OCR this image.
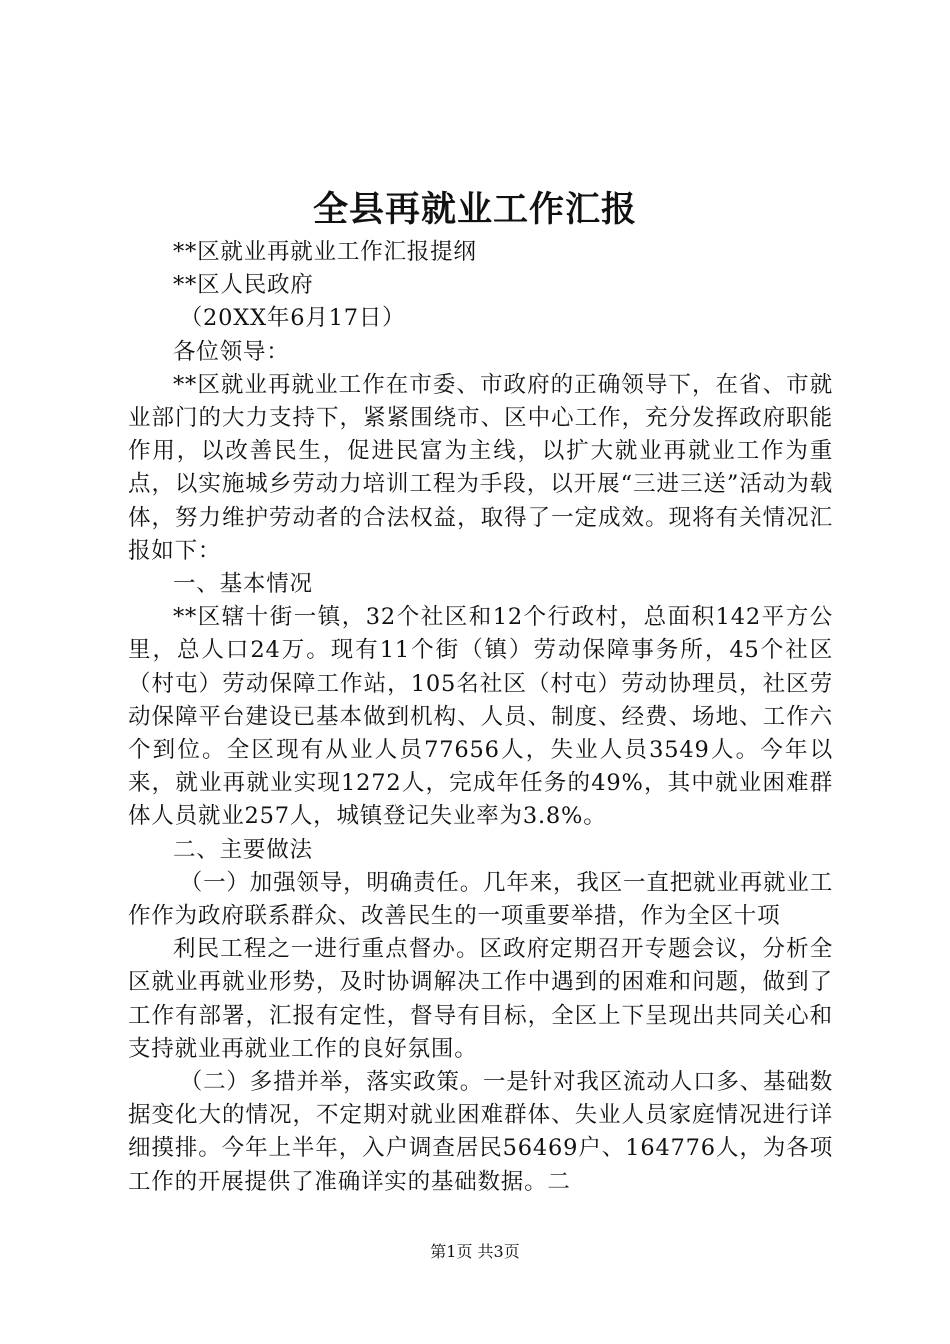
全县再就业工作汇报

**区就业再就业工作汇报提纲

**区人民政府

（20XX年6月17日）

各位领导：

**区就业再就业工作在市委、市政府的正确领导下，在省、市就业部门的大力支持下，紧紧围绕市、区中心工作，充分发挥政府职能作用，以改善民生，促进民富为主线，以扩大就业再就业工作为重点，以实施城乡劳动力培训工程为手段，以开展“三进三送”活动为载体，努力维护劳动者的合法权益，取得了一定成效。现将有关情况汇报如下：

一、基本情况

**区辖十街一镇，32个社区和12个行政村，总面积142平方公里，总人口24万。现有11个街（镇）劳动保障事务所，45个社区（村屯）劳动保障工作站，105名社区（村屯）劳动协理员，社区劳动保障平台建设已基本做到机构、人员、制度、经费、场地、工作六个到位。全区现有从业人员77656人，失业人员3549人。今年以来，就业再就业实现1272人，完成年任务的49%，其中就业困难群体人员就业257人，城镇登记失业率为3.8%。

二、主要做法

（一）加强领导，明确责任。几年来，我区一直把就业再就业工作作为政府联系群众、改善民生的一项重要举措，作为全区十项

利民工程之一进行重点督办。区政府定期召开专题会议，分析全区就业再就业形势，及时协调解决工作中遇到的困难和问题，做到了工作有部署，汇报有定性，督导有目标，全区上下呈现出共同关心和支持就业再就业工作的良好氛围。

（二）多措并举，落实政策。一是针对我区流动人口多、基础数据变化大的情况，不定期对就业困难群体、失业人员家庭情况进行详细摸排。今年上半年，入户调查居民56469户、164776人，为各项工作的开展提供了准确详实的基础数据。二

第1页 共3页
